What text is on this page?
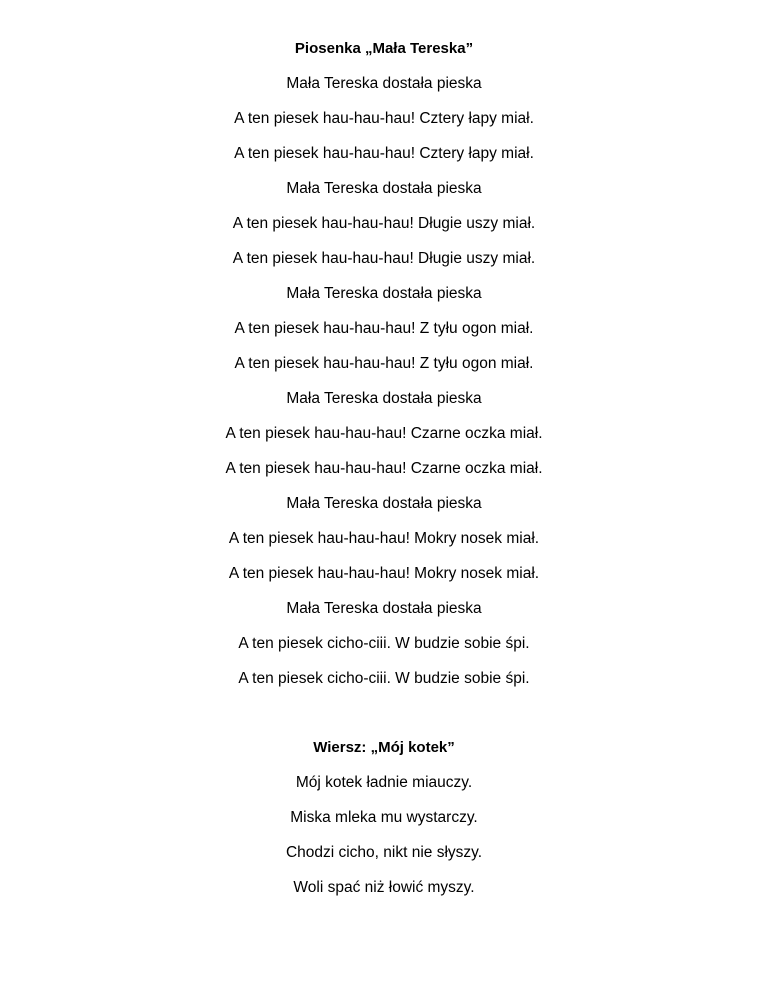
Piosenka „Mała Tereska”
Mała Tereska dostała pieska
A ten piesek hau-hau-hau! Cztery łapy miał.
A ten piesek hau-hau-hau! Cztery łapy miał.
Mała Tereska dostała pieska
A ten piesek hau-hau-hau! Długie uszy miał.
A ten piesek hau-hau-hau! Długie uszy miał.
Mała Tereska dostała pieska
A ten piesek hau-hau-hau! Z tyłu ogon miał.
A ten piesek hau-hau-hau! Z tyłu ogon miał.
Mała Tereska dostała pieska
A ten piesek hau-hau-hau! Czarne oczka miał.
A ten piesek hau-hau-hau! Czarne oczka miał.
Mała Tereska dostała pieska
A ten piesek hau-hau-hau! Mokry nosek miał.
A ten piesek hau-hau-hau! Mokry nosek miał.
Mała Tereska dostała pieska
A ten piesek cicho-ciii. W budzie sobie śpi.
A ten piesek cicho-ciii. W budzie sobie śpi.
Wiersz: „Mój kotek”
Mój kotek ładnie miauczy.
Miska mleka mu wystarczy.
Chodzi cicho, nikt nie słyszy.
Woli spać niż łowić myszy.
